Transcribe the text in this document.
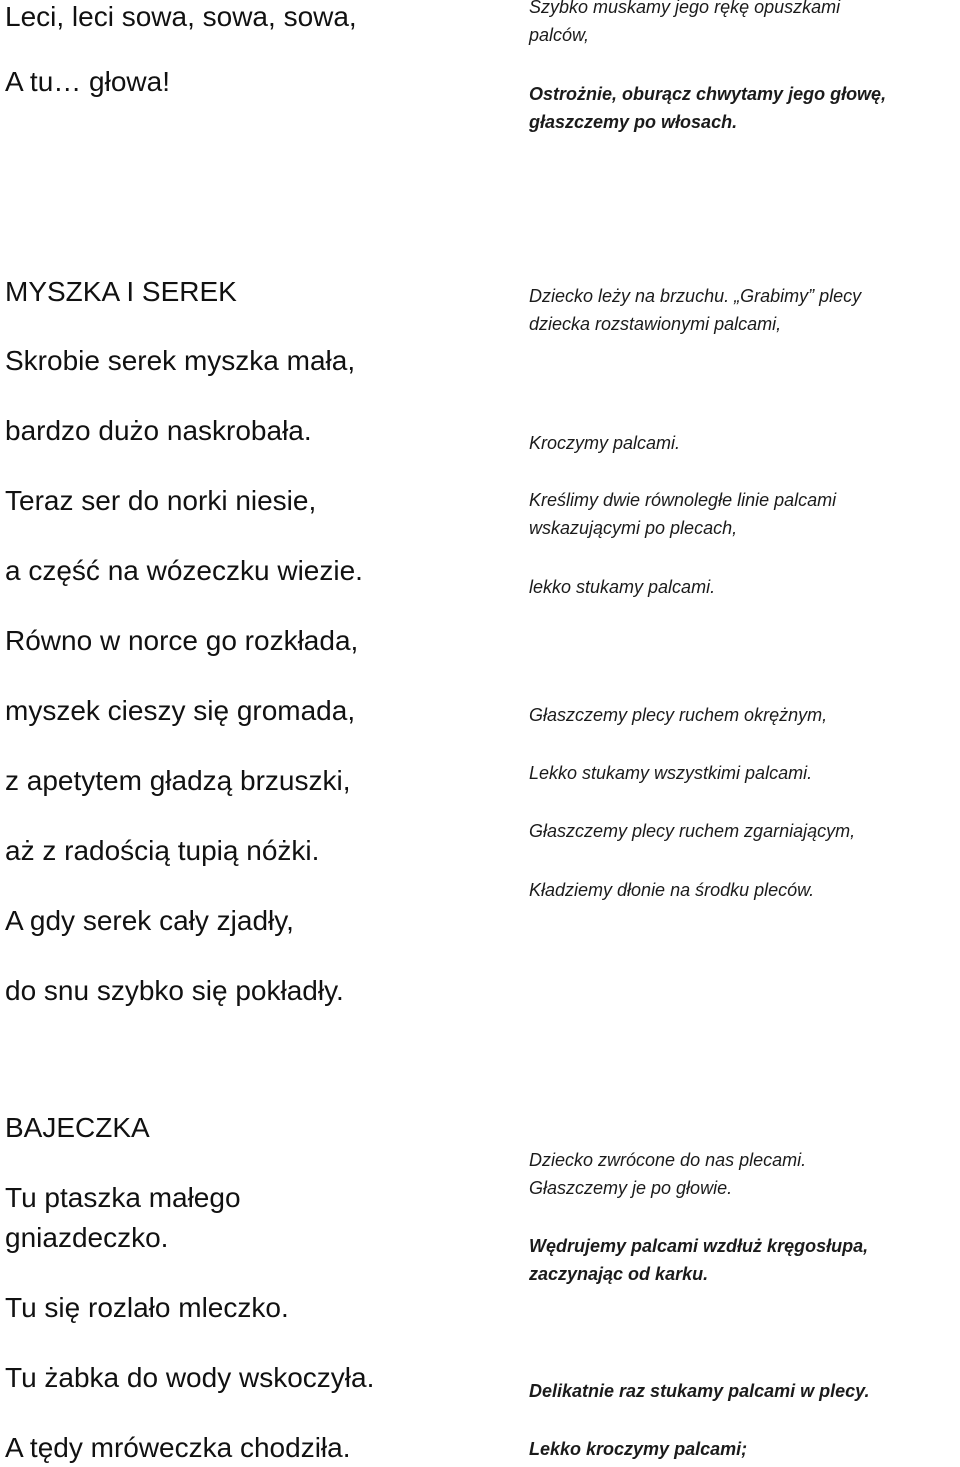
Leci, leci sowa, sowa, sowa,
A tu… głowa!
Szybko muskamy jego rękę opuszkami
palców,
Ostrożnie, oburącz chwytamy jego głowę,
głaszczemy po włosach.
MYSZKA I SEREK
Skrobie serek myszka mała,
bardzo dużo naskrobała.
Teraz ser do norki niesie,
a część na wózeczku wiezie.
Równo w norce go rozkłada,
myszek cieszy się gromada,
z apetytem gładzą brzuszki,
aż z radością tupią nóżki.
A gdy serek cały zjadły,
do snu szybko się pokładły.
Dziecko leży na brzuchu. „Grabimy” plecy
dziecka rozstawionymi palcami,
Kroczymy palcami.
Kreślimy dwie równoległe linie palcami
wskazującymi po plecach,
lekko stukamy palcami.
Głaszczemy plecy ruchem okrężnym,
Lekko stukamy wszystkimi palcami.
Głaszczemy plecy ruchem zgarniającym,
Kładziemy dłonie na środku pleców.
BAJECZKA
Tu ptaszka małego
gniazdeczko.
Tu się rozlało mleczko.
Tu żabka do wody wskoczyła.
A tędy mróweczka chodziła.
Dziecko zwrócone do nas plecami.
Głaszczemy je po głowie.
Wędrujemy palcami wzdłuż kręgosłupa,
zaczynając od karku.
Delikatnie raz stukamy palcami w plecy.
Lekko kroczymy palcami;
